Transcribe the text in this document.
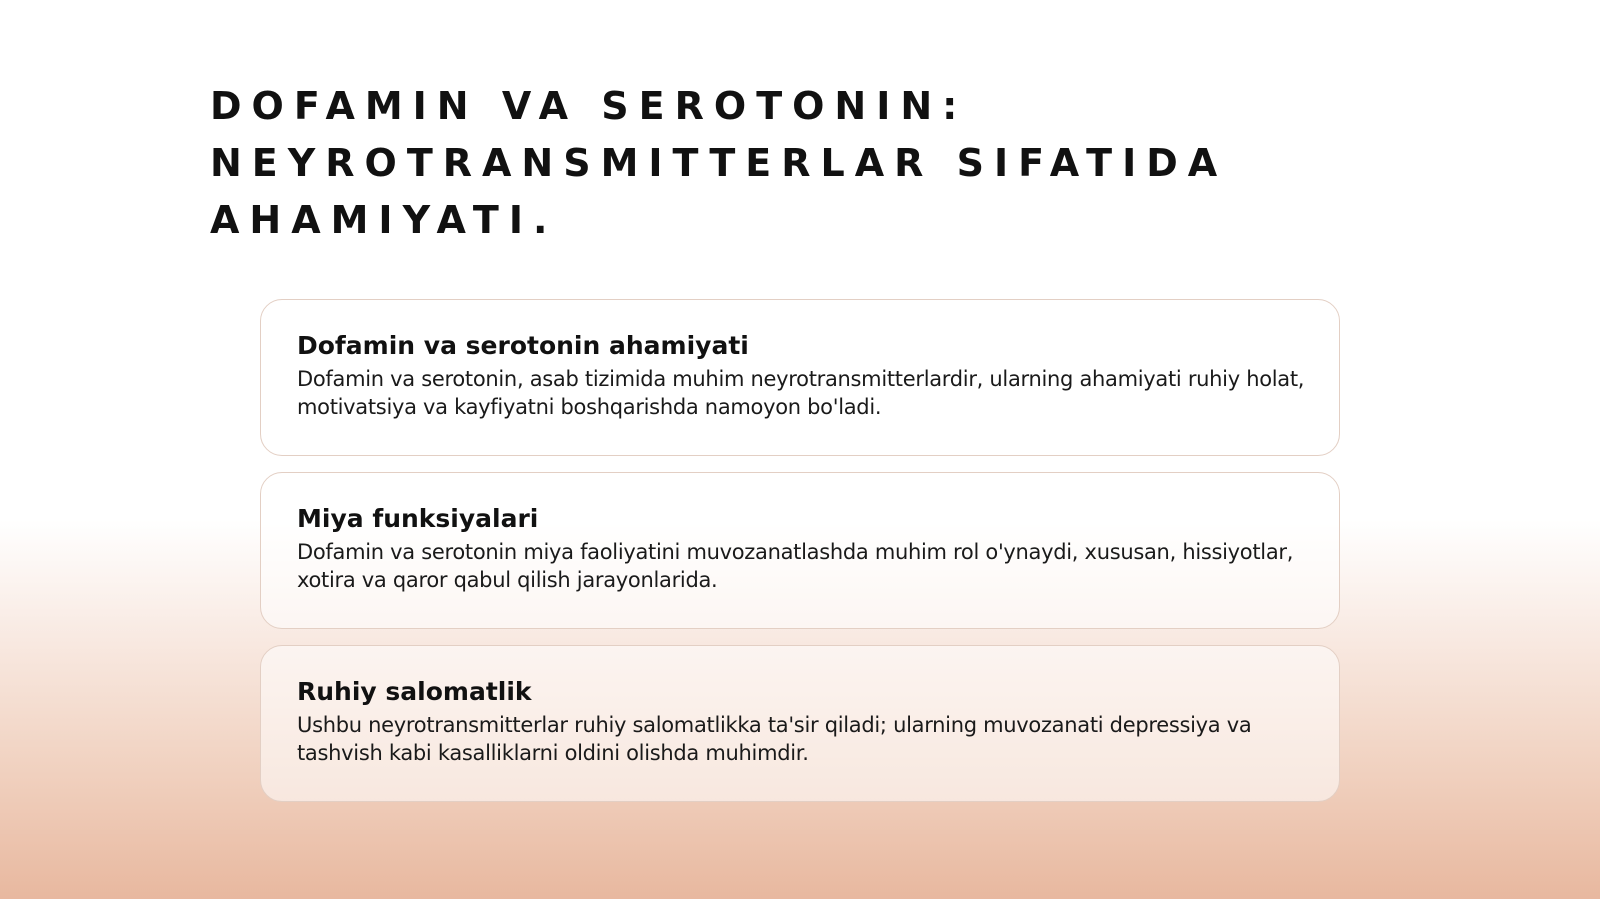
DOFAMIN VA SEROTONIN: NEYROTRANSMITTERLAR SIFATIDA AHAMIYATI.
Dofamin va serotonin ahamiyati

Dofamin va serotonin, asab tizimida muhim neyrotransmitterlardir, ularning ahamiyati ruhiy holat, motivatsiya va kayfiyatni boshqarishda namoyon bo'ladi.

Miya funksiyalari

Dofamin va serotonin miya faoliyatini muvozanatlashda muhim rol o'ynaydi, xususan, hissiyotlar, xotira va qaror qabul qilish jarayonlarida.

Ruhiy salomatlik

Ushbu neyrotransmitterlar ruhiy salomatlikka ta'sir qiladi; ularning muvozanati depressiya va tashvish kabi kasalliklarni oldini olishda muhimdir.
